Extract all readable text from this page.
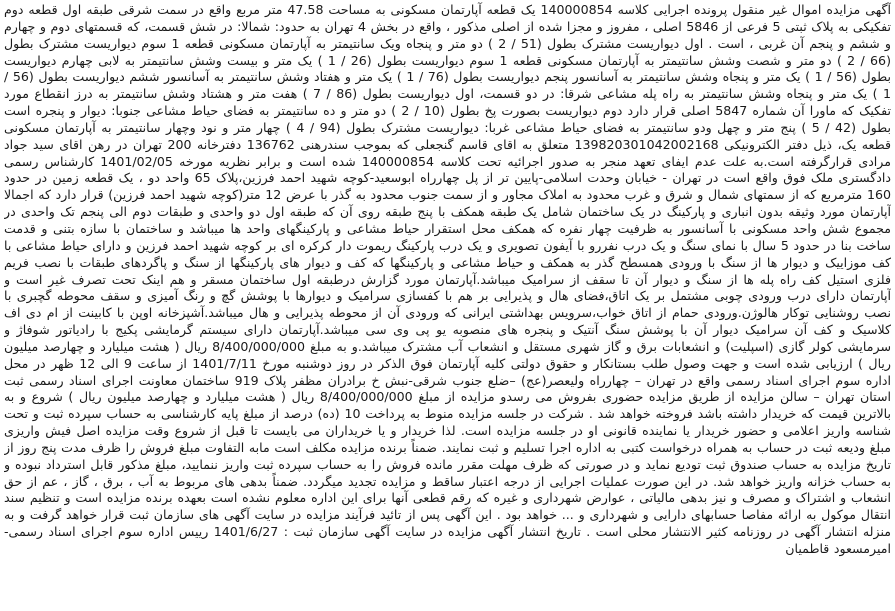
آگهی مزایده اموال غیر منقول پرونده اجرایی کلاسه 140000854 یک قطعه آپارتمان مسکونی به مساحت 47.58 متر مربع واقع در سمت شرقی طبقه اول قطعه دوم تفکیکی به پلاک ثبتی 5 فرعی از 5846 اصلی ، مفروز و مجزا شده از اصلی مذکور ، واقع در بخش 4 تهران به حدود: شمالا: در شش قسمت، که قسمتهای دوم و چهارم و ششم و پنجم آن غربی ، است . اول دیواریست مشترک بطول (51 / 2 ) دو متر و پنجاه ویک سانتیمتر به آپارتمان مسکونی قطعه 1 سوم دیواریست مشترک بطول (66 / 2 ) دو متر و شصت وشش سانتیمتر به آپارتمان مسکونی قطعه 1 سوم دیواریست بطول (26 / 1 ) یک متر و بیست وشش سانتیمتر به لابی چهارم دیواریست بطول (56 / 1 ) یک متر و پنجاه وشش سانتیمتر به آسانسور پنجم دیواریست بطول (76 / 1 ) یک متر و هفتاد وشش سانتیمتر به آسانسور ششم دیواریست بطول (56 / 1 ) یک متر و پنجاه وشش سانتیمتر به راه پله مشاعی شرقا: در دو قسمت، اول دیواریست بطول (86 / 7 ) هفت متر و هشتاد وشش سانتیمتر به درز انقطاع مورد تفکیک که ماورا آن شماره 5847 اصلی قرار دارد دوم دیواریست بصورت پخ بطول (10 / 2 ) دو متر و ده سانتیمتر به فضای حیاط مشاعی جنوبا: دیوار و پنجره است بطول (42 / 5 ) پنج متر و چهل ودو سانتیمتر به فضای حیاط مشاعی غربا: دیواریست مشترک بطول (94 / 4 ) چهار متر و نود وچهار سانتیمتر به آپارتمان مسکونی قطعه یک، ذیل دفتر الکترونیکی 13982030104200216​8 متعلق به اقای قاسم گنجعلی که بموجب سندرهنی 136762 دفترخانه 200 تهران در رهن اقای سید جواد مرادی قرارگرفته است.به علت عدم ایفای تعهد منجر به صدور اجرائیه تحت کلاسه 140000854 شده است و برابر نظریه مورخه 1401/02/05 کارشناس رسمی دادگستری ملک فوق واقع است در تهران - خیابان وحدت اسلامی-پایین تر از پل چهارراه ابوسعید-کوچه شهید احمد فرزین،پلاک 65 واحد دو ، یک قطعه زمین در حدود 160 مترمربع که از سمتهای شمال و شرق و غرب محدود به املاک مجاور و از سمت جنوب محدود به گذر با عرض 12 متر(کوچه شهید احمد فرزین) قرار دارد که اجمالا آپارتمان مورد وثیقه بدون انباری و پارکینگ در یک ساختمان شامل یک طبقه همکف با پنج طبقه روی آن که طبقه اول دو واحدی و طبقات دوم الی پنجم تک واحدی در مجموع شش واحد مسکونی با آسانسور به ظرفیت چهار نفره که همکف محل استقرار حیاط مشاعی و پارکینگهای واحد ها میباشد و ساختمان با سازه بتنی و قدمت ساخت بنا در حدود 5 سال با نمای سنگ و یک درب نفررو با آیفون تصویری و یک درب پارکینگ ریموت دار کرکره ای بر کوچه شهید احمد فرزین و دارای حیاط مشاعی با کف موزاییک و دیوار ها از سنگ با ورودی همسطح گذر به همکف و حیاط مشاعی و پارکینگها که کف و دیوار های پارکینگها از سنگ و پاگردهای طبقات با نصب فریم فلزی استیل کف راه پله ها از سنگ و دیوار آن تا سقف از سرامیک میباشد.آپارتمان مورد گزارش درطبقه اول ساختمان مسقر و هم اینک تحت تصرف غیر است و آپارتمان دارای درب ورودی چوبی مشتمل بر یک اتاق،فضای هال و پذیرایی بر هم با کفسازی سرامیک و دیوارها با پوشش گچ و رنگ آمیزی و سقف محوطه گچبری با نصب روشنایی توکار هالوژن.ورودی حمام از اتاق خواب،سرویس بهداشتی ایرانی که ورودی آن از محوطه پذیرایی و هال میباشد.آشپزخانه اوپن با کابینت از ام دی اف کلاسیک و کف آن سرامیک دیوار آن با پوشش سنگ آنتیک و پنجره های منصوبه یو پی وی سی میباشد.آپارتمان دارای سیستم گرمایشی پکیج با رادیاتور شوفاژ و سرمایشی کولر گازی (اسپلیت) و انشعابات برق و گاز شهری مستقل و انشعاب آب مشترک میباشد.و به مبلغ 8/400/000/000 ریال ( هشت میلیارد و چهارصد میلیون ریال ) ارزیابی شده است و جهت وصول طلب بستانکار و حقوق دولتی کلیه آپارتمان فوق الذکر در روز دوشنبه مورخ 1401/7/11 از ساعت 9 الی 12 ظهر در محل اداره سوم اجرای اسناد رسمی واقع در تهران – چهارراه ولیعصر(عج) –ضلع جنوب شرقی-نبش خ برادران مظفر پلاک 919 ساختمان معاونت اجرای اسناد رسمی ثبت استان تهران – سالن مزایده از طریق مزایده حضوری بفروش می رسدو مزایده از مبلغ 8/400/000/000 ریال ( هشت میلیارد و چهارصد میلیون ریال ) شروع و به بالاترین قیمت که خریدار داشته باشد فروخته خواهد شد . شرکت در جلسه مزایده منوط به پرداخت 10 (ده) درصد از مبلغ پایه کارشناسی به حساب سپرده ثبت و تحت شناسه واریز اعلامی و حضور خریدار یا نماینده قانونی او در جلسه مزایده است. لذا خریدار و یا خریداران می بایست تا قبل از شروع وقت مزایده اصل فیش واریزی مبلغ ودیعه ثبت در حساب به همراه درخواست کتبی به اداره اجرا تسلیم و ثبت نمایند. ضمناً برنده مزایده مکلف است مابه التفاوت مبلغ فروش را ظرف مدت پنج روز از تاریخ مزایده به حساب صندوق ثبت تودیع نماید و در صورتی که ظرف مهلت مقرر مانده فروش را به حساب سپرده ثبت واریز ننمایید، مبلغ مذکور قابل استرداد نبوده و به حساب خزانه واریز خواهد شد. در این صورت عملیات اجرایی از درجه اعتبار ساقط و مزایده تجدید میگردد. ضمناً بدهی های مربوط به آب ، برق ، گاز ، عم از حق انشعاب و اشتراک و مصرف و نیز بدهی مالیاتی ، عوارض شهرداری و غیره که رقم قطعی آنها برای این اداره معلوم نشده است بعهده برنده مزایده است و تنظیم سند انتقال موکول به ارائه مفاصا حسابهای دارایی و شهرداری و ... خواهد بود . این آگهی پس از تائید فرآیند مزایده در سایت آگهی های سازمان ثبت قرار خواهد گرفت و به منزله انتشار آگهی در روزنامه کثیر الانتشار محلی است . تاریخ انتشار آگهی مزایده در سایت آگهی سازمان ثبت : 1401/6/27 رییس اداره سوم اجرای اسناد رسمی- امیرمسعود قاطمیان
